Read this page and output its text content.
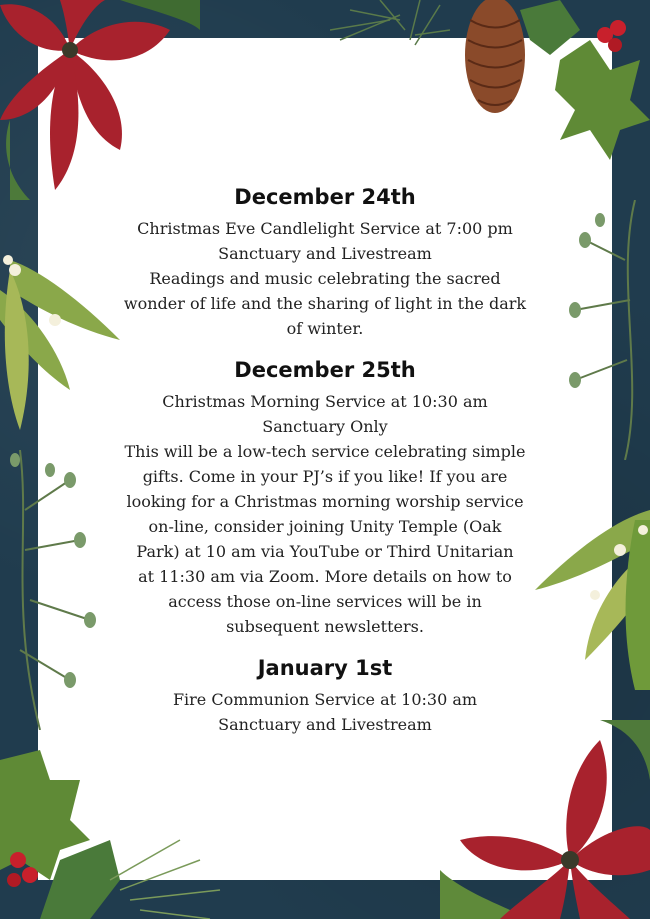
December 24th

Christmas Eve Candlelight Service at 7:00 pm

Sanctuary and Livestream

Readings and music celebrating the sacred

wonder of life and the sharing of light in the dark

of winter.

December 25th

Christmas Morning Service at 10:30 am

Sanctuary Only

This will be a low-tech service celebrating simple

gifts. Come in your PJ’s if you like! If you are

looking for a Christmas morning worship service

on-line, consider joining Unity Temple (Oak

Park) at 10 am via YouTube or Third Unitarian

at 11:30 am via Zoom. More details on how to

access those on-line services will be in

subsequent newsletters.

January 1st

Fire Communion Service at 10:30 am

Sanctuary and Livestream
